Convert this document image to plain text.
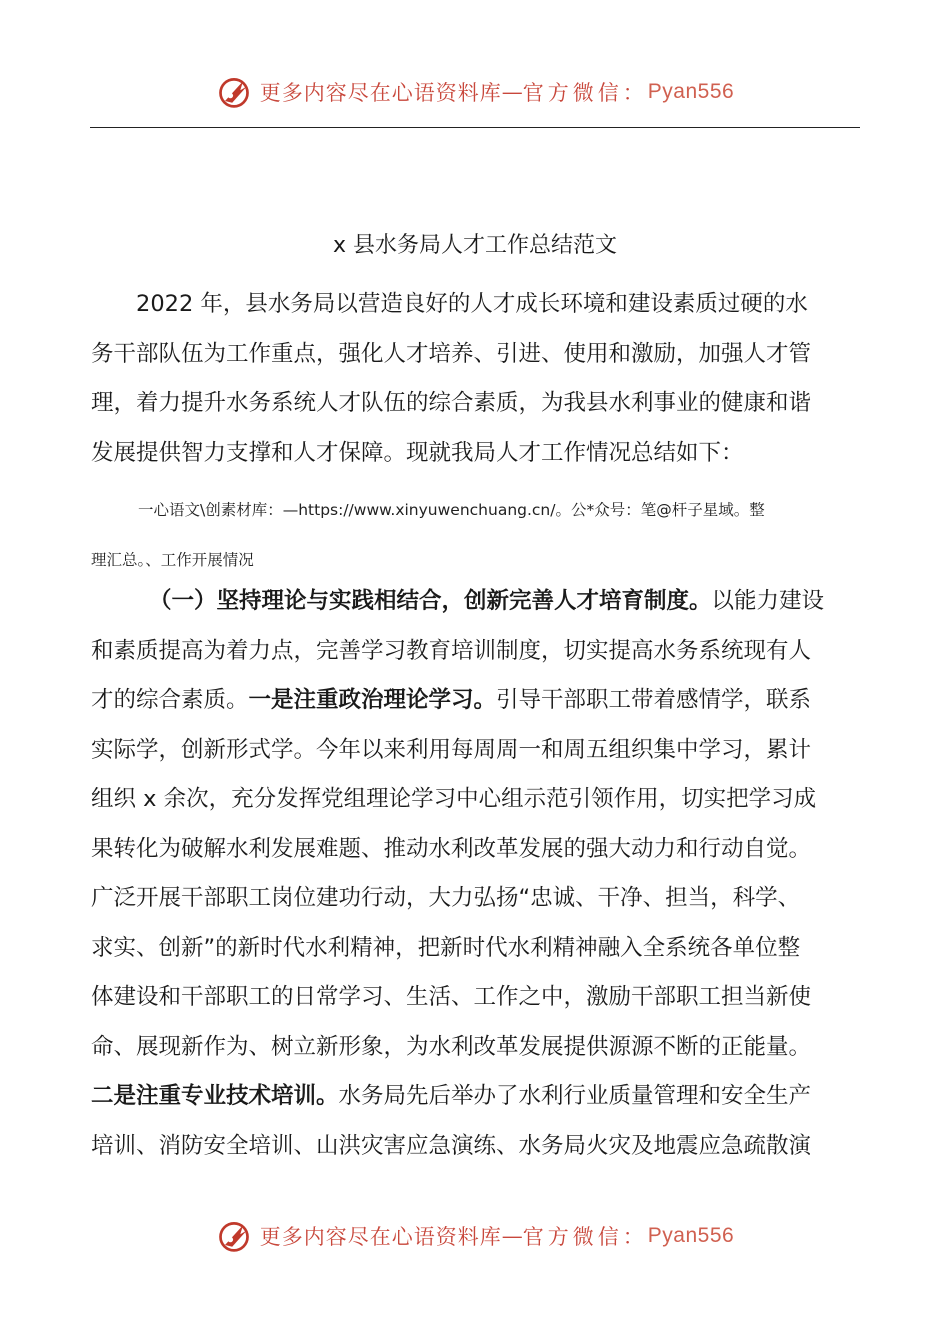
更多内容尽在心语资料库 — 官方微信： Pyan556
x 县水务局人才工作总结范文
2022 年，县水务局以营造良好的人才成长环境和建设素质过硬的水
务干部队伍为工作重点，强化人才培养、引进、使用和激励，加强人才管
理，着力提升水务系统人才队伍的综合素质，为我县水利事业的健康和谐
发展提供智力支撑和人才保障。现就我局人才工作情况总结如下：
一心语文\创素材库：—https://www.xinyuwenchuang.cn/。公*众号：笔@杆子星域。整
理汇总。、工作开展情况
（一）坚持理论与实践相结合，创新完善人才培育制度。以能力建设
和素质提高为着力点，完善学习教育培训制度，切实提高水务系统现有人
才的综合素质。一是注重政治理论学习。引导干部职工带着感情学，联系
实际学，创新形式学。今年以来利用每周周一和周五组织集中学习，累计
组织 x 余次，充分发挥党组理论学习中心组示范引领作用，切实把学习成
果转化为破解水利发展难题、推动水利改革发展的强大动力和行动自觉。
广泛开展干部职工岗位建功行动，大力弘扬“忠诚、干净、担当，科学、
求实、创新”的新时代水利精神，把新时代水利精神融入全系统各单位整
体建设和干部职工的日常学习、生活、工作之中，激励干部职工担当新使
命、展现新作为、树立新形象，为水利改革发展提供源源不断的正能量。
二是注重专业技术培训。水务局先后举办了水利行业质量管理和安全生产
培训、消防安全培训、山洪灾害应急演练、水务局火灾及地震应急疏散演
更多内容尽在心语资料库 — 官方微信： Pyan556
